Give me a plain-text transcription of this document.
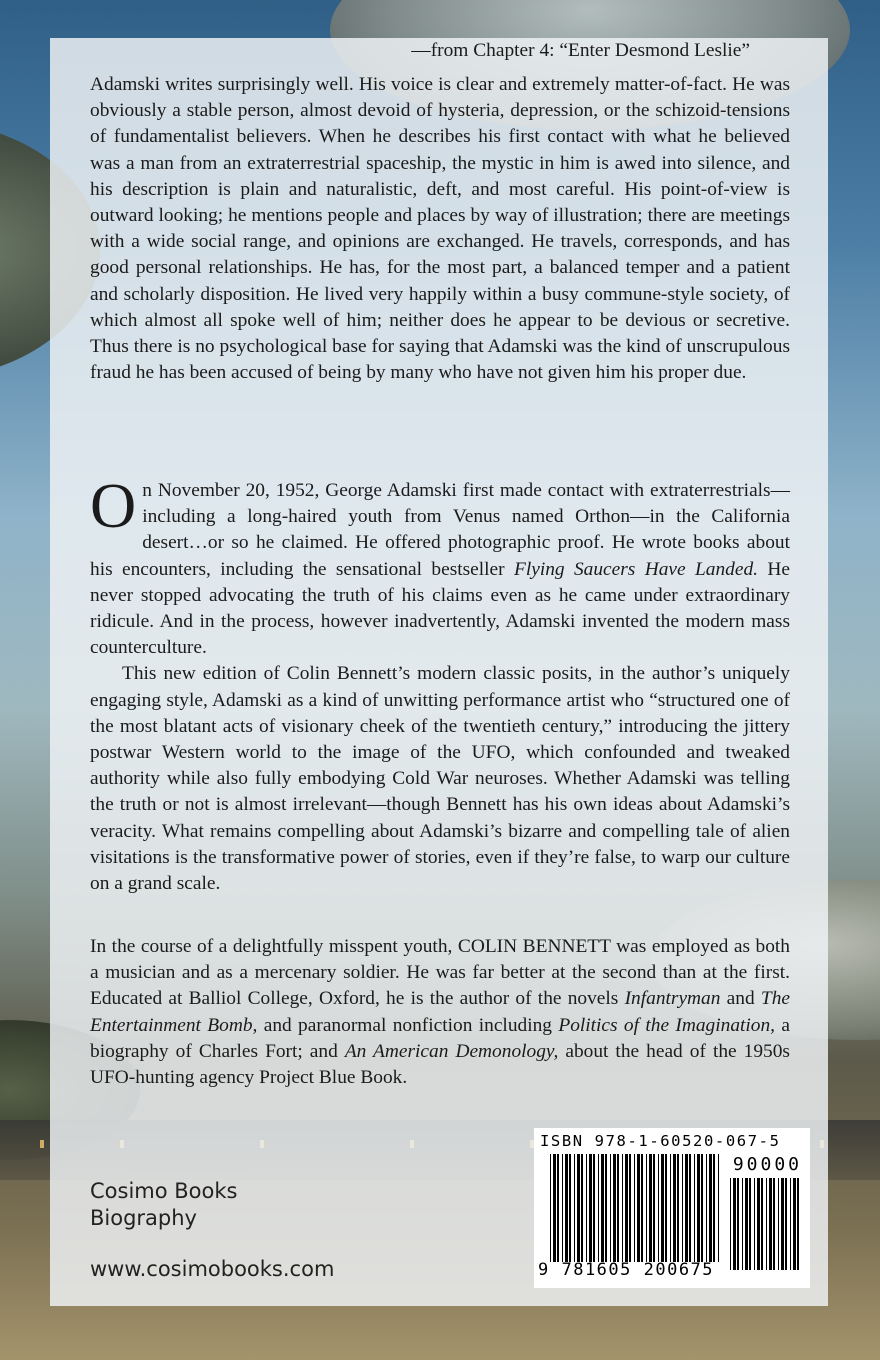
Adamski writes surprisingly well. His voice is clear and extremely matter-of-fact. He was obviously a stable person, almost devoid of hysteria, depression, or the schizoid-tensions of fundamentalist believers. When he describes his first contact with what he believed was a man from an extraterrestrial spaceship, the mystic in him is awed into silence, and his description is plain and naturalistic, deft, and most careful. His point-of-view is outward looking; he mentions people and places by way of illustration; there are meetings with a wide social range, and opinions are exchanged. He travels, corresponds, and has good personal relationships. He has, for the most part, a balanced temper and a patient and scholarly disposition. He lived very happily within a busy commune-style society, of which almost all spoke well of him; neither does he appear to be devious or secretive. Thus there is no psychological base for saying that Adamski was the kind of unscrupulous fraud he has been accused of being by many who have not given him his proper due.

—from Chapter 4: “Enter Desmond Leslie”

On November 20, 1952, George Adamski first made contact with extraterrestrials—including a long-haired youth from Venus named Orthon—in the California desert…or so he claimed. He offered photographic proof. He wrote books about his encounters, including the sensational bestseller Flying Saucers Have Landed. He never stopped advocating the truth of his claims even as he came under extraordinary ridicule. And in the process, however inadvertently, Adamski invented the modern mass counterculture.

This new edition of Colin Bennett’s modern classic posits, in the author’s uniquely engaging style, Adamski as a kind of unwitting performance artist who “structured one of the most blatant acts of visionary cheek of the twentieth century,” introducing the jittery postwar Western world to the image of the UFO, which confounded and tweaked authority while also fully embodying Cold War neuroses. Whether Adamski was telling the truth or not is almost irrelevant—though Bennett has his own ideas about Adamski’s veracity. What remains compelling about Adamski’s bizarre and compelling tale of alien visitations is the transformative power of stories, even if they’re false, to warp our culture on a grand scale.

In the course of a delightfully misspent youth, COLIN BENNETT was employed as both a musician and as a mercenary soldier. He was far better at the second than at the first. Educated at Balliol College, Oxford, he is the author of the novels Infantryman and The Entertainment Bomb, and paranormal nonfiction including Politics of the Imagination, a biography of Charles Fort; and An American Demonology, about the head of the 1950s UFO-hunting agency Project Blue Book.

Cosimo Books
Biography
www.cosimobooks.com
ISBN 978-1-60520-067-5
90000
9 781605 200675
